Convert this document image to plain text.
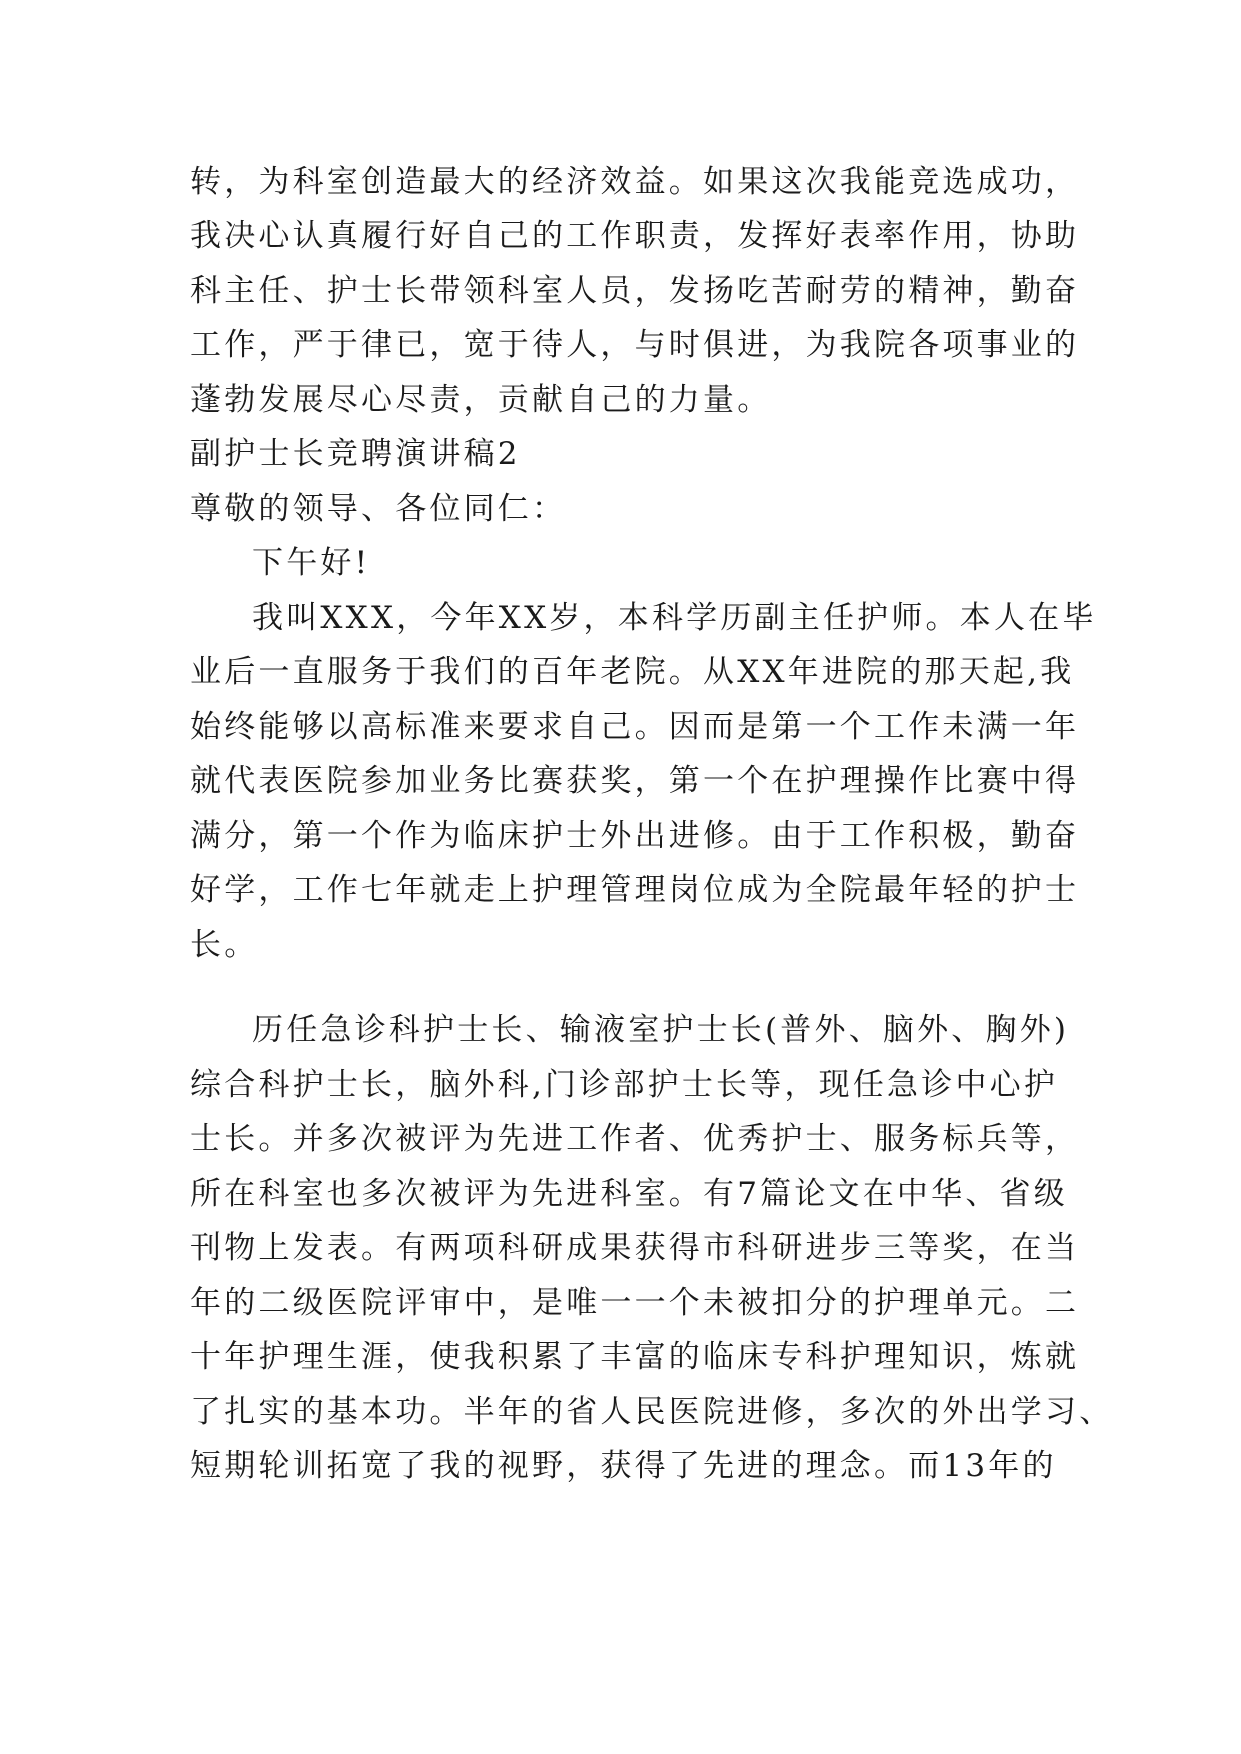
转，为科室创造最大的经济效益。如果这次我能竞选成功，

我决心认真履行好自己的工作职责，发挥好表率作用，协助

科主任、护士长带领科室人员，发扬吃苦耐劳的精神，勤奋

工作，严于律已，宽于待人，与时俱进，为我院各项事业的

蓬勃发展尽心尽责，贡献自己的力量。

副护士长竞聘演讲稿2

尊敬的领导、各位同仁：

下午好!

我叫XXX，今年XX岁，本科学历副主任护师。本人在毕

业后一直服务于我们的百年老院。从XX年进院的那天起,我

始终能够以高标准来要求自己。因而是第一个工作未满一年

就代表医院参加业务比赛获奖，第一个在护理操作比赛中得

满分，第一个作为临床护士外出进修。由于工作积极，勤奋

好学，工作七年就走上护理管理岗位成为全院最年轻的护士

长。

历任急诊科护士长、输液室护士长(普外、脑外、胸外)

综合科护士长，脑外科,门诊部护士长等，现任急诊中心护

士长。并多次被评为先进工作者、优秀护士、服务标兵等，

所在科室也多次被评为先进科室。有7篇论文在中华、省级

刊物上发表。有两项科研成果获得市科研进步三等奖，在当

年的二级医院评审中，是唯一一个未被扣分的护理单元。二

十年护理生涯，使我积累了丰富的临床专科护理知识，炼就

了扎实的基本功。半年的省人民医院进修，多次的外出学习、

短期轮训拓宽了我的视野，获得了先进的理念。而13年的
